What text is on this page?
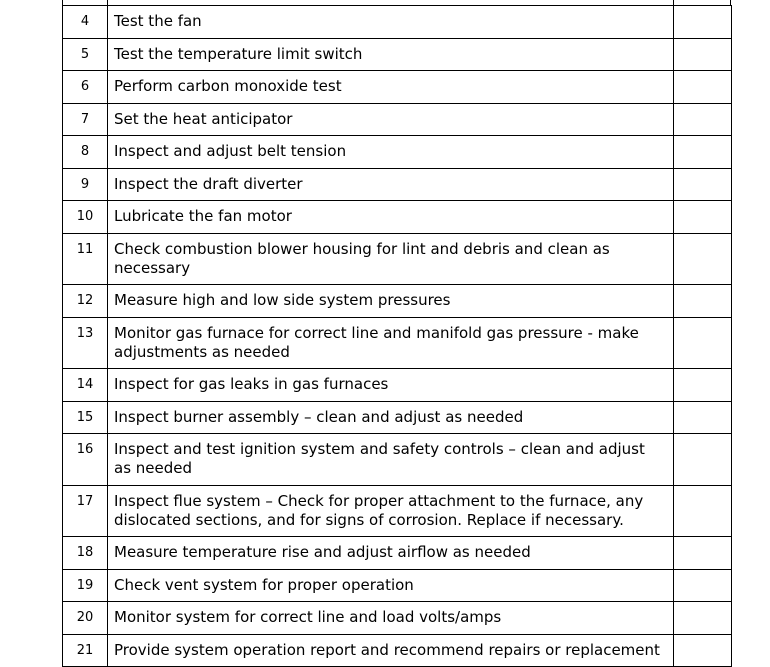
4	Test the fan	
5	Test the temperature limit switch	
6	Perform carbon monoxide test	
7	Set the heat anticipator	
8	Inspect and adjust belt tension	
9	Inspect the draft diverter	
10	Lubricate the fan motor	
11	Check combustion blower housing for lint and debris and clean as necessary	
12	Measure high and low side system pressures	
13	Monitor gas furnace for correct line and manifold gas pressure - make adjustments as needed	
14	Inspect for gas leaks in gas furnaces	
15	Inspect burner assembly – clean and adjust as needed	
16	Inspect and test ignition system and safety controls – clean and adjust as needed	
17	Inspect flue system – Check for proper attachment to the furnace, any dislocated sections, and for signs of corrosion. Replace if necessary.	
18	Measure temperature rise and adjust airflow as needed	
19	Check vent system for proper operation	
20	Monitor system for correct line and load volts/amps	
21	Provide system operation report and recommend repairs or replacement	
